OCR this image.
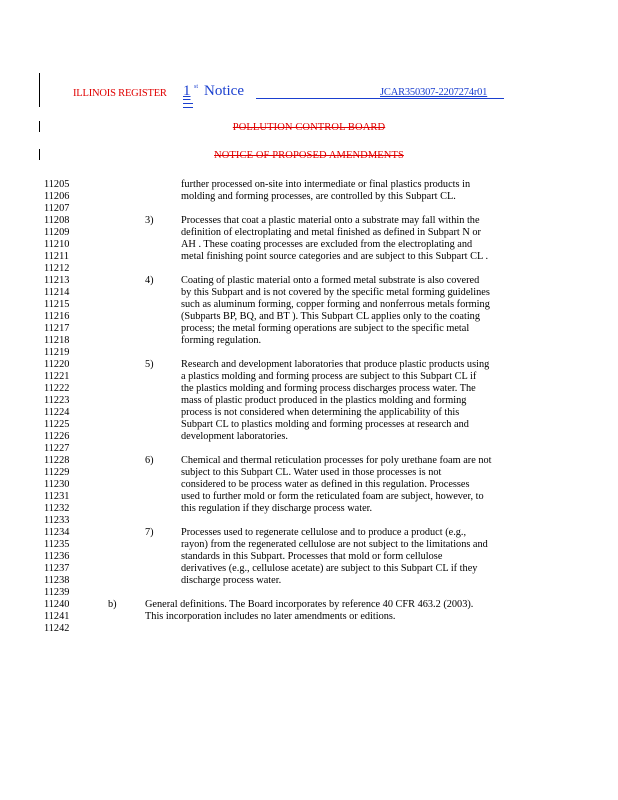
ILLINOIS REGISTER 1 st Notice	JCAR350307-2207274r01
POLLUTION CONTROL BOARD
NOTICE OF PROPOSED AMENDMENTS
11205	further processed on-site into intermediate or final plastics products in
11206	molding and forming processes, are controlled by this Subpart CL.
11207
11208	3)	Processes that coat a plastic material onto a substrate may fall within the
11209	definition of electroplating and metal finished as defined in Subpart N or
11210	AH . These coating processes are excluded from the electroplating and
11211	metal finishing point source categories and are subject to this Subpart CL .
11212
11213	4)	Coating of plastic material onto a formed metal substrate is also covered
11214	by this Subpart and is not covered by the specific metal forming guidelines
11215	such as aluminum forming, copper forming and nonferrous metals forming
11216	(Subparts BP, BQ, and BT ). This Subpart CL applies only to the coating
11217	process; the metal forming operations are subject to the specific metal
11218	forming regulation.
11219
11220	5)	Research and development laboratories that produce plastic products using
11221	a plastics molding and forming process are subject to this Subpart CL if
11222	the plastics molding and forming process discharges process water. The
11223	mass of plastic product produced in the plastics molding and forming
11224	process is not considered when determining the applicability of this
11225	Subpart CL to plastics molding and forming processes at research and
11226	development laboratories.
11227
11228	6)	Chemical and thermal reticulation processes for poly urethane foam are not
11229	subject to this Subpart CL. Water used in those processes is not
11230	considered to be process water as defined in this regulation. Processes
11231	used to further mold or form the reticulated foam are subject, however, to
11232	this regulation if they discharge process water.
11233
11234	7)	Processes used to regenerate cellulose and to produce a product (e.g.,
11235	rayon) from the regenerated cellulose are not subject to the limitations and
11236	standards in this Subpart. Processes that mold or form cellulose
11237	derivatives (e.g., cellulose acetate) are subject to this Subpart CL if they
11238	discharge process water.
11239
11240	b)	General definitions. The Board incorporates by reference 40 CFR 463.2 (2003).
11241	This incorporation includes no later amendments or editions.
11242
